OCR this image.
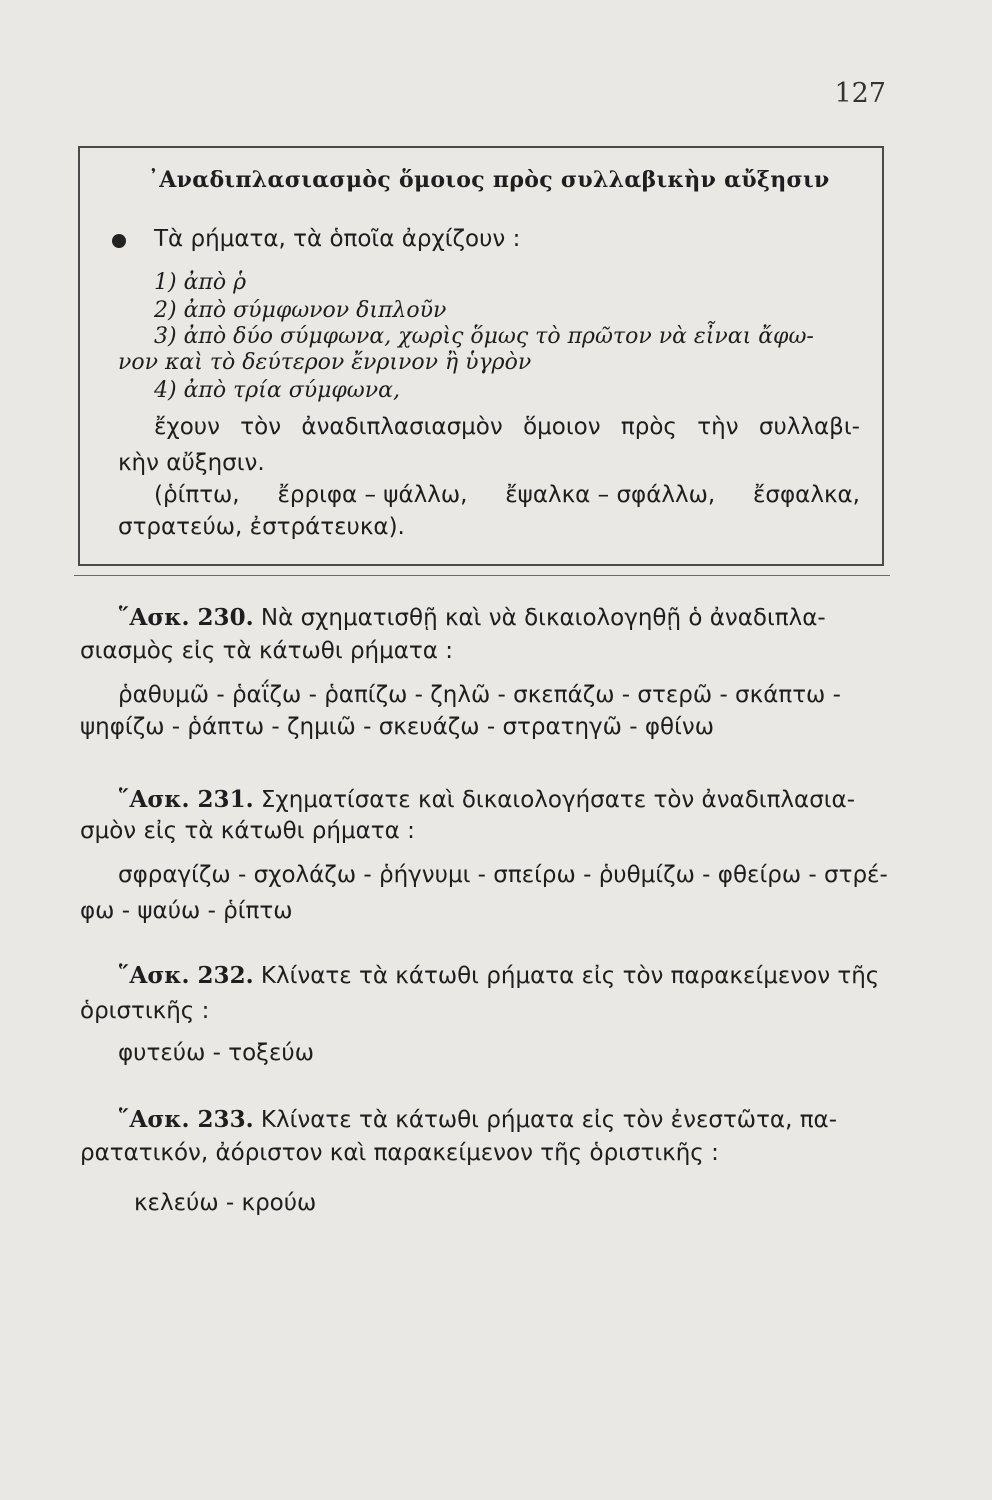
127
᾿Αναδιπλασιασμὸς ὅμοιος πρὸς συλλαβικὴν αὔξησιν
Τὰ ρήματα, τὰ ὁποῖα ἀρχίζουν :
1) ἀπὸ ῥ
2) ἀπὸ σύμφωνον διπλοῦν
3) ἀπὸ δύο σύμφωνα, χωρὶς ὅμως τὸ πρῶτον νὰ εἶναι ἄφω-
νον καὶ τὸ δεύτερον ἔνρινον ἢ ὑγρὸν
4) ἀπὸ τρία σύμφωνα,
ἔχουν τὸν ἀναδιπλασιασμὸν ὅμοιον πρὸς τὴν συλλαβι-
κὴν αὔξησιν.
(ῥίπτω, ἔρριφα – ψάλλω, ἔψαλκα – σφάλλω, ἔσφαλκα,
στρατεύω, ἐστράτευκα).
῞Ασκ. 230. Νὰ σχηματισθῇ καὶ νὰ δικαιολογηθῇ ὁ ἀναδιπλα-
σιασμὸς εἰς τὰ κάτωθι ρήματα :
ῥαθυμῶ - ῥαΐζω - ῥαπίζω - ζηλῶ - σκεπάζω - στερῶ - σκάπτω -
ψηφίζω - ῥάπτω - ζημιῶ - σκευάζω - στρατηγῶ - φθίνω
῞Ασκ. 231. Σχηματίσατε καὶ δικαιολογήσατε τὸν ἀναδιπλασια-
σμὸν εἰς τὰ κάτωθι ρήματα :
σφραγίζω - σχολάζω - ῥήγνυμι - σπείρω - ῥυθμίζω - φθείρω - στρέ-
φω - ψαύω - ῥίπτω
῞Ασκ. 232. Κλίνατε τὰ κάτωθι ρήματα εἰς τὸν παρακείμενον τῆς
ὁριστικῆς :
φυτεύω - τοξεύω
῞Ασκ. 233. Κλίνατε τὰ κάτωθι ρήματα εἰς τὸν ἐνεστῶτα, πα-
ρατατικόν, ἀόριστον καὶ παρακείμενον τῆς ὁριστικῆς :
κελεύω - κρούω
